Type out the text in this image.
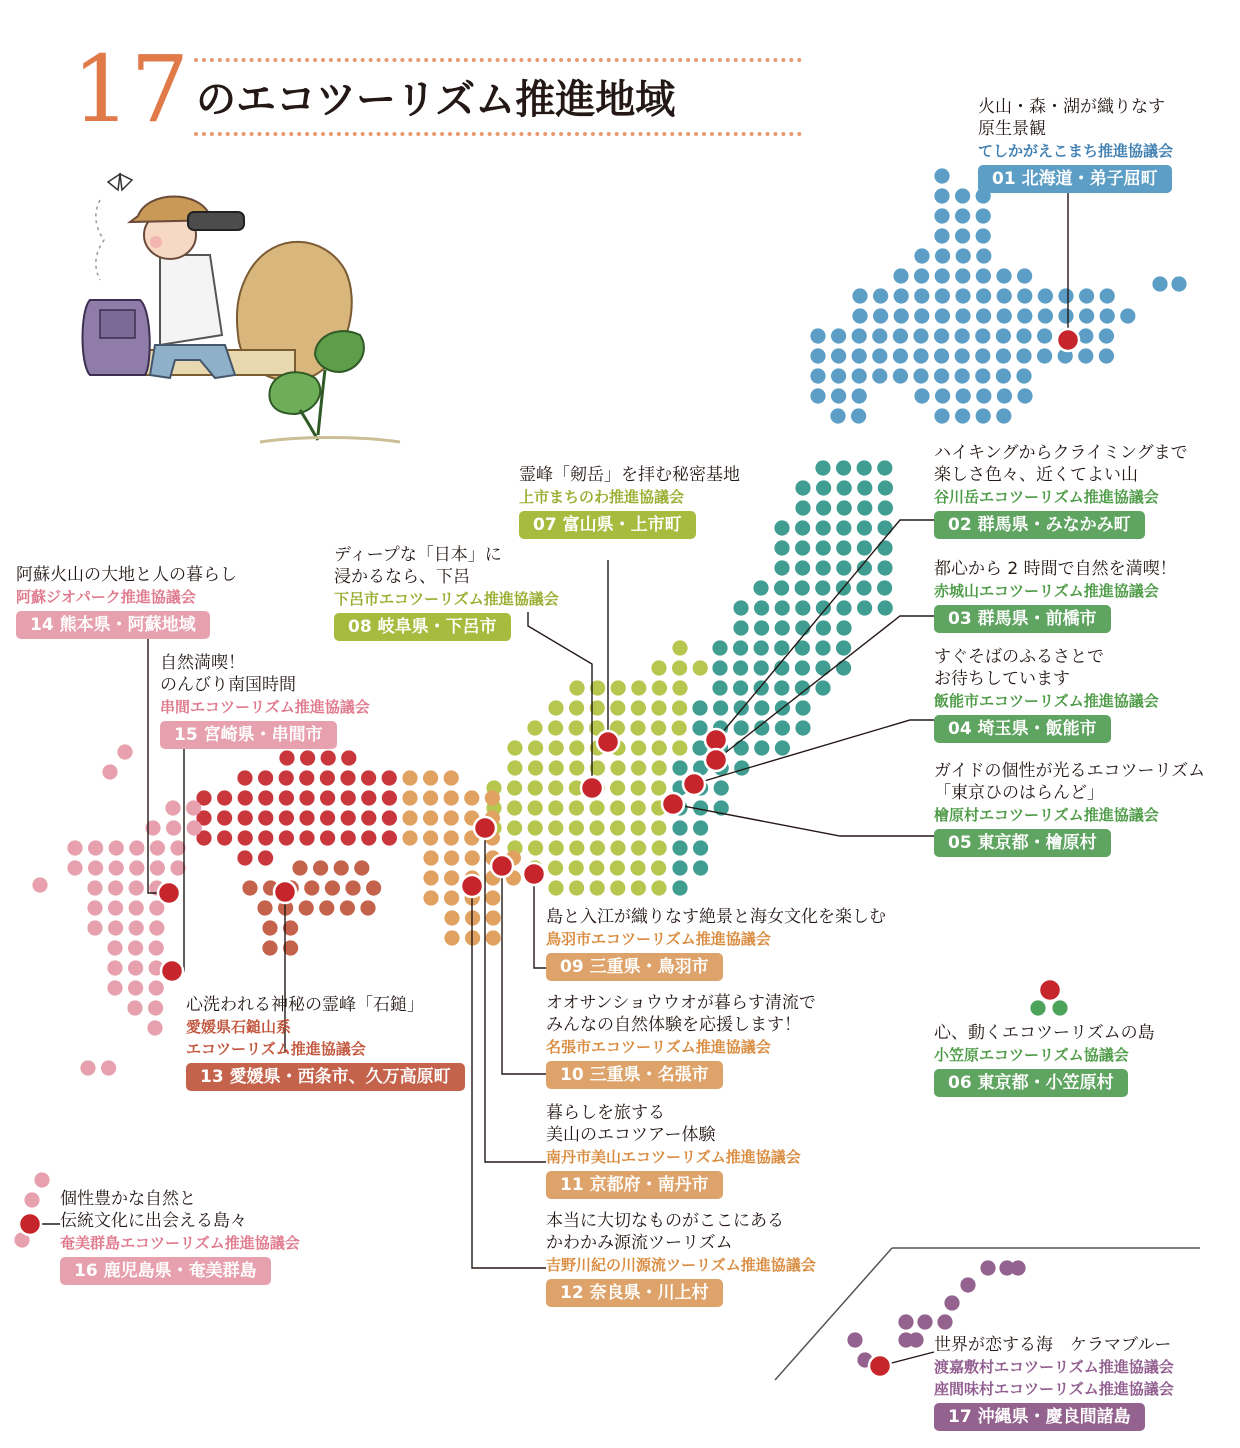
17 のエコツーリズム推進地域	火山・森・湖が織りなす
原生景観
てしかがえこまち推進協議会
01 北海道・弟子屈町
ハイキングからクライミングまで
楽しさ色々、近くてよい山
谷川岳エコツーリズム推進協議会
02 群馬県・みなかみ町
都心から 2 時間で自然を満喫！
赤城山エコツーリズム推進協議会
03 群馬県・前橋市
すぐそばのふるさとで
お待ちしています
飯能市エコツーリズム推進協議会
04 埼玉県・飯能市
ガイドの個性が光るエコツーリズム
「東京ひのはらんど」
檜原村エコツーリズム推進協議会
05 東京都・檜原村
心、動くエコツーリズムの島
小笠原エコツーリズム協議会
06 東京都・小笠原村
霊峰「剱岳」を拝む秘密基地
上市まちのわ推進協議会
07 富山県・上市町
ディープな「日本」に
浸かるなら、下呂
下呂市エコツーリズム推進協議会
08 岐阜県・下呂市
島と入江が織りなす絶景と海女文化を楽しむ
鳥羽市エコツーリズム推進協議会
09 三重県・鳥羽市
オオサンショウウオが暮らす清流で
みんなの自然体験を応援します！
名張市エコツーリズム推進協議会
10 三重県・名張市
暮らしを旅する
美山のエコツアー体験
南丹市美山エコツーリズム推進協議会
11 京都府・南丹市
本当に大切なものがここにある
かわかみ源流ツーリズム
吉野川紀の川源流ツーリズム推進協議会
12 奈良県・川上村
心洗われる神秘の霊峰「石鎚」
愛媛県石鎚山系
エコツーリズム推進協議会
13 愛媛県・西条市、久万高原町
阿蘇火山の大地と人の暮らし
阿蘇ジオパーク推進協議会
14 熊本県・阿蘇地域
自然満喫！
のんびり南国時間
串間エコツーリズム推進協議会
15 宮崎県・串間市
個性豊かな自然と
伝統文化に出会える島々
奄美群島エコツーリズム推進協議会
16 鹿児島県・奄美群島
世界が恋する海　ケラマブルー
渡嘉敷村エコツーリズム推進協議会
座間味村エコツーリズム推進協議会
17 沖縄県・慶良間諸島
